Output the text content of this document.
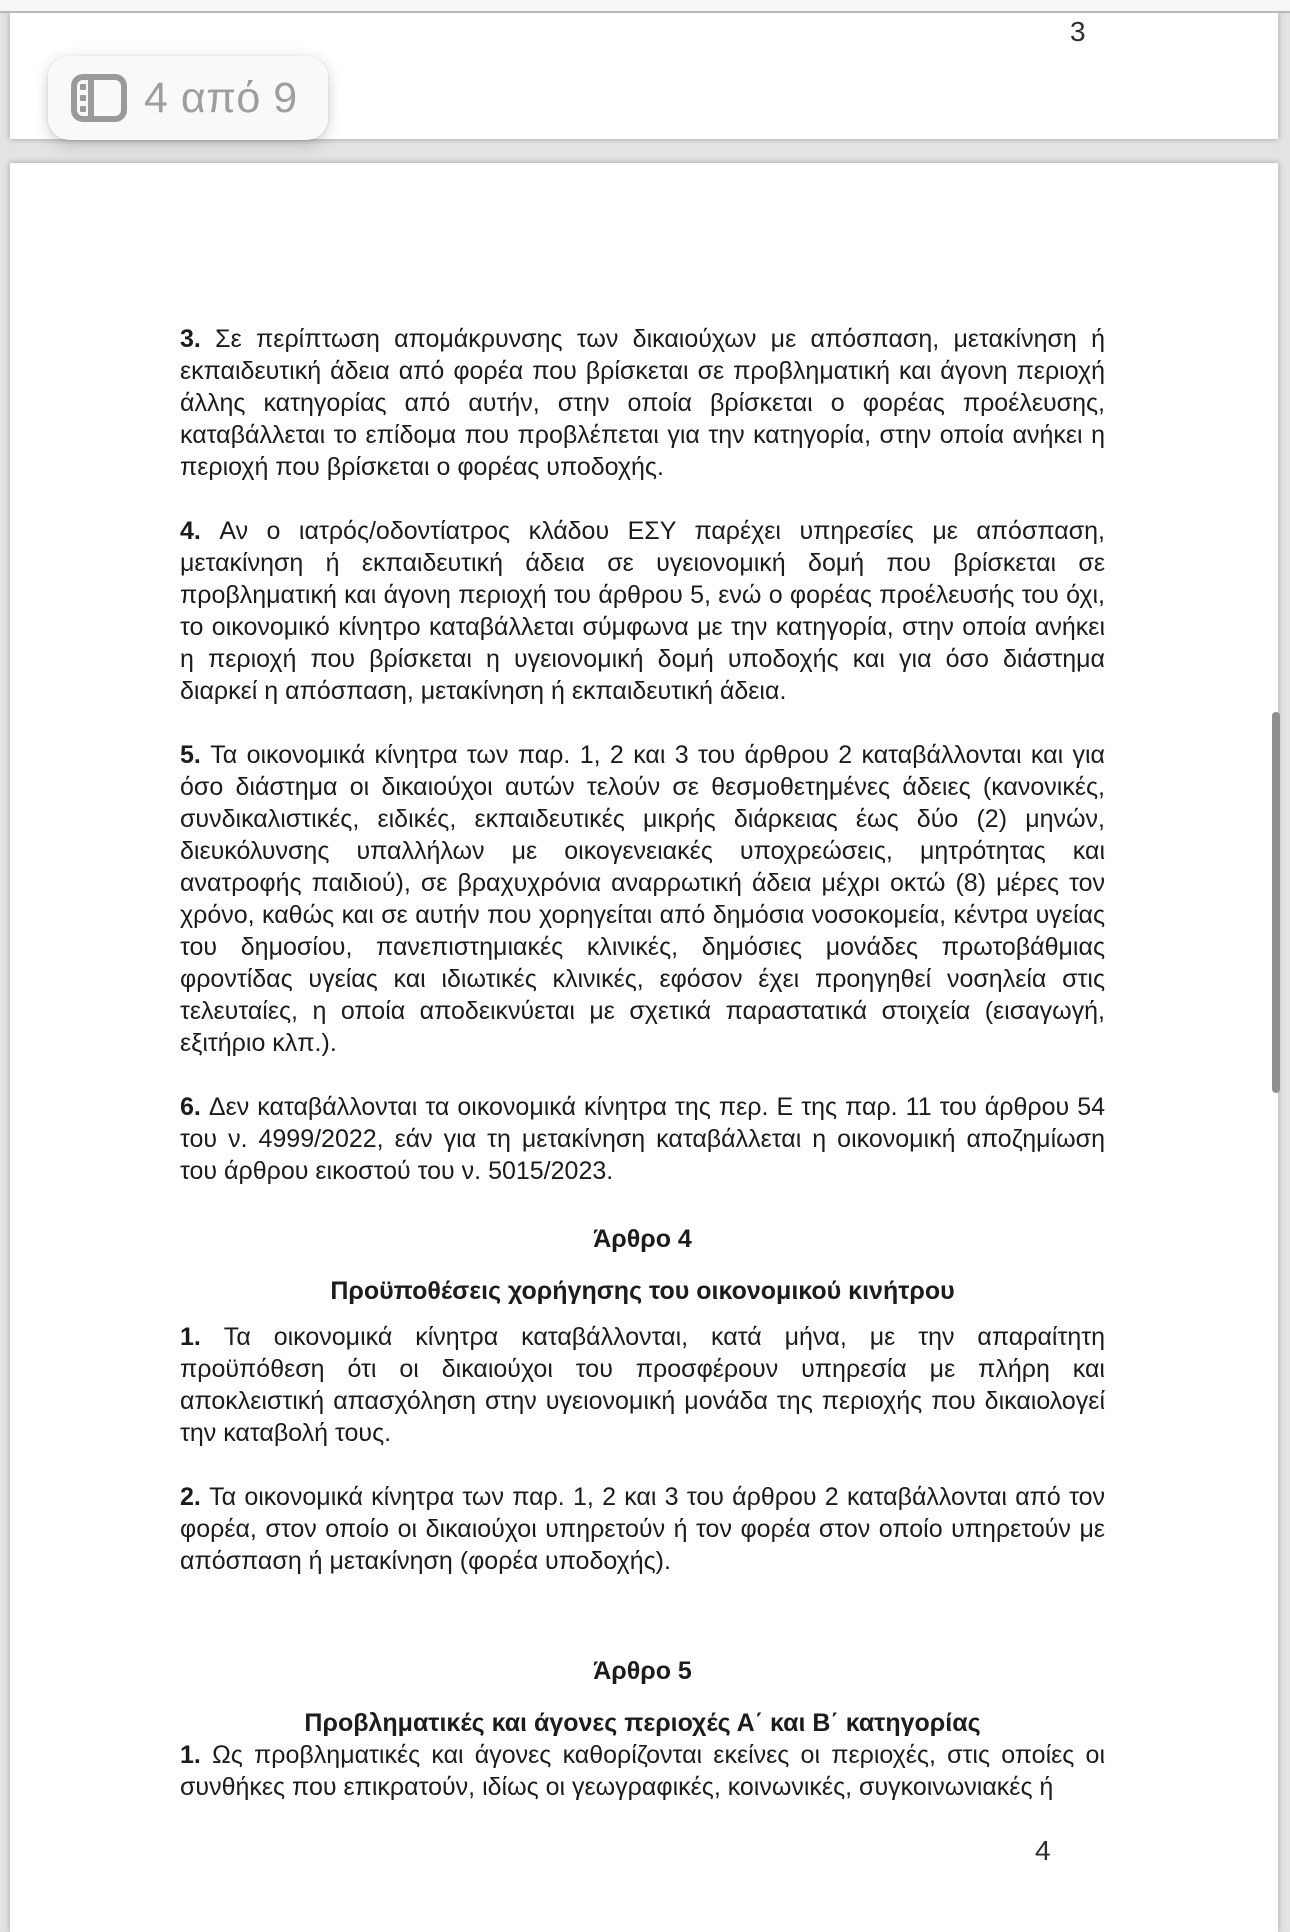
3
3. Σε περίπτωση απομάκρυνσης των δικαιούχων με απόσπαση, μετακίνηση ή εκπαιδευτική άδεια από φορέα που βρίσκεται σε προβληματική και άγονη περιοχή άλλης κατηγορίας από αυτήν, στην οποία βρίσκεται ο φορέας προέλευσης, καταβάλλεται το επίδομα που προβλέπεται για την κατηγορία, στην οποία ανήκει η περιοχή που βρίσκεται ο φορέας υποδοχής.
4. Αν ο ιατρός/οδοντίατρος κλάδου ΕΣΥ παρέχει υπηρεσίες με απόσπαση, μετακίνηση ή εκπαιδευτική άδεια σε υγειονομική δομή που βρίσκεται σε προβληματική και άγονη περιοχή του άρθρου 5, ενώ ο φορέας προέλευσής του όχι, το οικονομικό κίνητρο καταβάλλεται σύμφωνα με την κατηγορία, στην οποία ανήκει η περιοχή που βρίσκεται η υγειονομική δομή υποδοχής και για όσο διάστημα διαρκεί η απόσπαση, μετακίνηση ή εκπαιδευτική άδεια.
5. Τα οικονομικά κίνητρα των παρ. 1, 2 και 3 του άρθρου 2 καταβάλλονται και για όσο διάστημα οι δικαιούχοι αυτών τελούν σε θεσμοθετημένες άδειες (κανονικές, συνδικαλιστικές, ειδικές, εκπαιδευτικές μικρής διάρκειας έως δύο (2) μηνών, διευκόλυνσης υπαλλήλων με οικογενειακές υποχρεώσεις, μητρότητας και ανατροφής παιδιού), σε βραχυχρόνια αναρρωτική άδεια μέχρι οκτώ (8) μέρες τον χρόνο, καθώς και σε αυτήν που χορηγείται από δημόσια νοσοκομεία, κέντρα υγείας του δημοσίου, πανεπιστημιακές κλινικές, δημόσιες μονάδες πρωτοβάθμιας φροντίδας υγείας και ιδιωτικές κλινικές, εφόσον έχει προηγηθεί νοσηλεία στις τελευταίες, η οποία αποδεικνύεται με σχετικά παραστατικά στοιχεία (εισαγωγή, εξιτήριο κλπ.).
6. Δεν καταβάλλονται τα οικονομικά κίνητρα της περ. Ε της παρ. 11 του άρθρου 54 του ν. 4999/2022, εάν για τη μετακίνηση καταβάλλεται η οικονομική αποζημίωση του άρθρου εικοστού του ν. 5015/2023.
Άρθρο 4
Προϋποθέσεις χορήγησης του οικονομικού κινήτρου
1. Τα οικονομικά κίνητρα καταβάλλονται, κατά μήνα, με την απαραίτητη προϋπόθεση ότι οι δικαιούχοι του προσφέρουν υπηρεσία με πλήρη και αποκλειστική απασχόληση στην υγειονομική μονάδα της περιοχής που δικαιολογεί την καταβολή τους.
2. Τα οικονομικά κίνητρα των παρ. 1, 2 και 3 του άρθρου 2 καταβάλλονται από τον φορέα, στον οποίο οι δικαιούχοι υπηρετούν ή τον φορέα στον οποίο υπηρετούν με απόσπαση ή μετακίνηση (φορέα υποδοχής).
Άρθρο 5
Προβληματικές και άγονες περιοχές Α΄ και Β΄ κατηγορίας
1. Ως προβληματικές και άγονες καθορίζονται εκείνες οι περιοχές, στις οποίες οι συνθήκες που επικρατούν, ιδίως οι γεωγραφικές, κοινωνικές, συγκοινωνιακές ή
4
4 από 9
